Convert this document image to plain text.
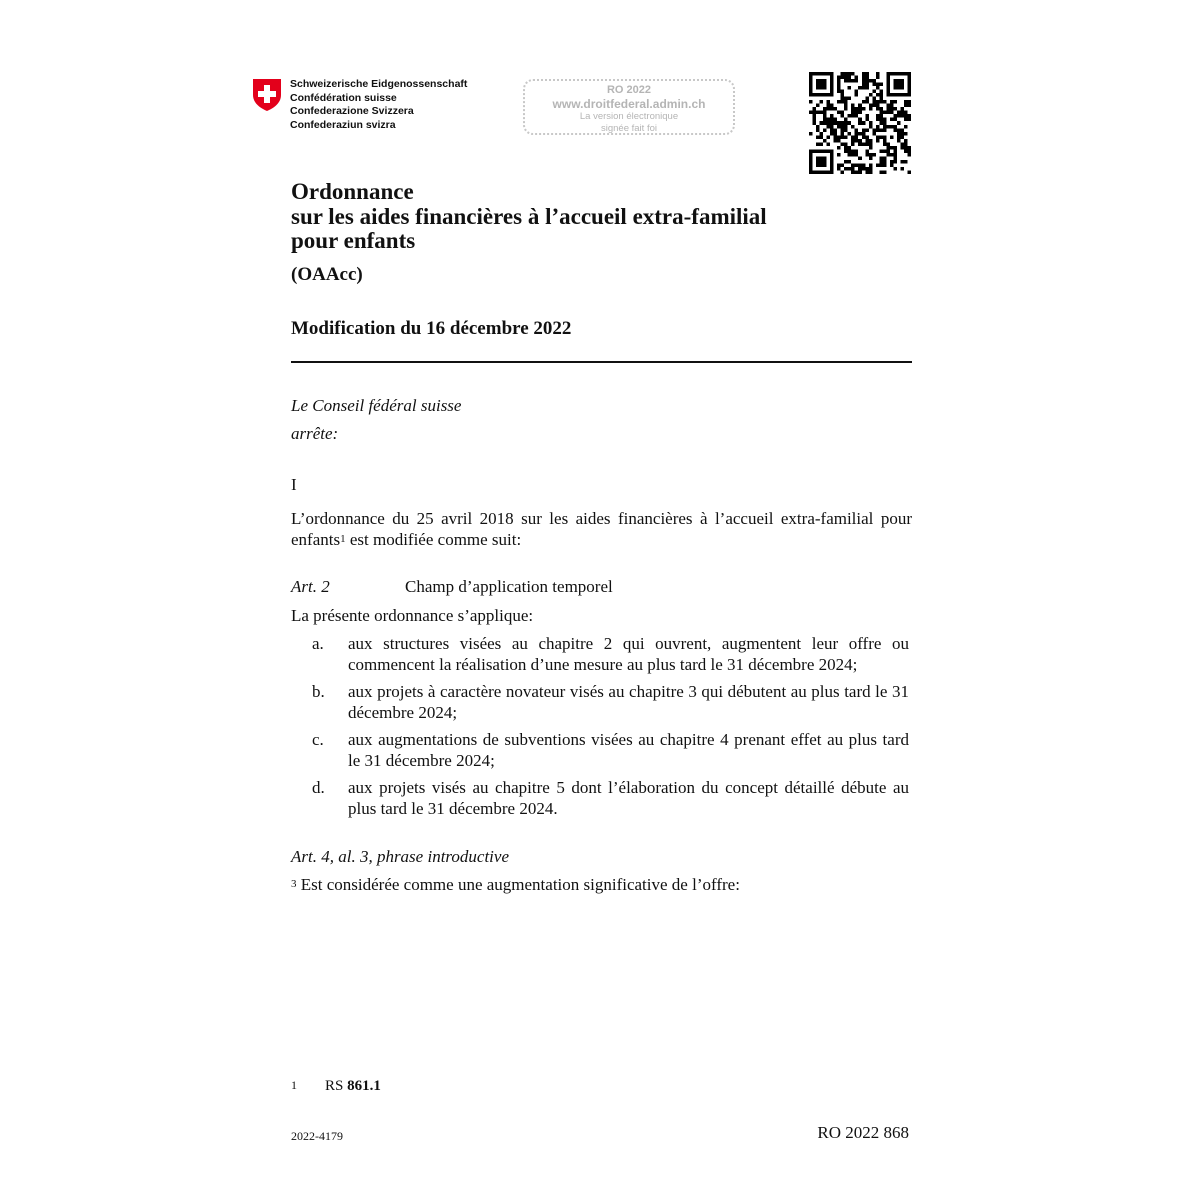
Schweizerische Eidgenossenschaft
Confédération suisse
Confederazione Svizzera
Confederaziun svizra
RO 2022
www.droitfederal.admin.ch
La version électronique
signée fait foi
Ordonnance
sur les aides financières à l’accueil extra-familial
pour enfants
(OAAcc)
Modification du 16 décembre 2022
Le Conseil fédéral suisse
arrête:
I
L’ordonnance du 25 avril 2018 sur les aides financières à l’accueil extra-familial pour enfants$^1$ est modifiée comme suit:
Art. 2	Champ d’application temporel
La présente ordonnance s’applique:
a. aux structures visées au chapitre 2 qui ouvrent, augmentent leur offre ou commencent la réalisation d’une mesure au plus tard le 31 décembre 2024;
b. aux projets à caractère novateur visés au chapitre 3 qui débutent au plus tard le 31 décembre 2024;
c. aux augmentations de subventions visées au chapitre 4 prenant effet au plus tard le 31 décembre 2024;
d. aux projets visés au chapitre 5 dont l’élaboration du concept détaillé débute au plus tard le 31 décembre 2024.
Art. 4, al. 3, phrase introductive
$^3$ Est considérée comme une augmentation significative de l’offre:
1 RS 861.1
2022-4179	RO 2022 868
